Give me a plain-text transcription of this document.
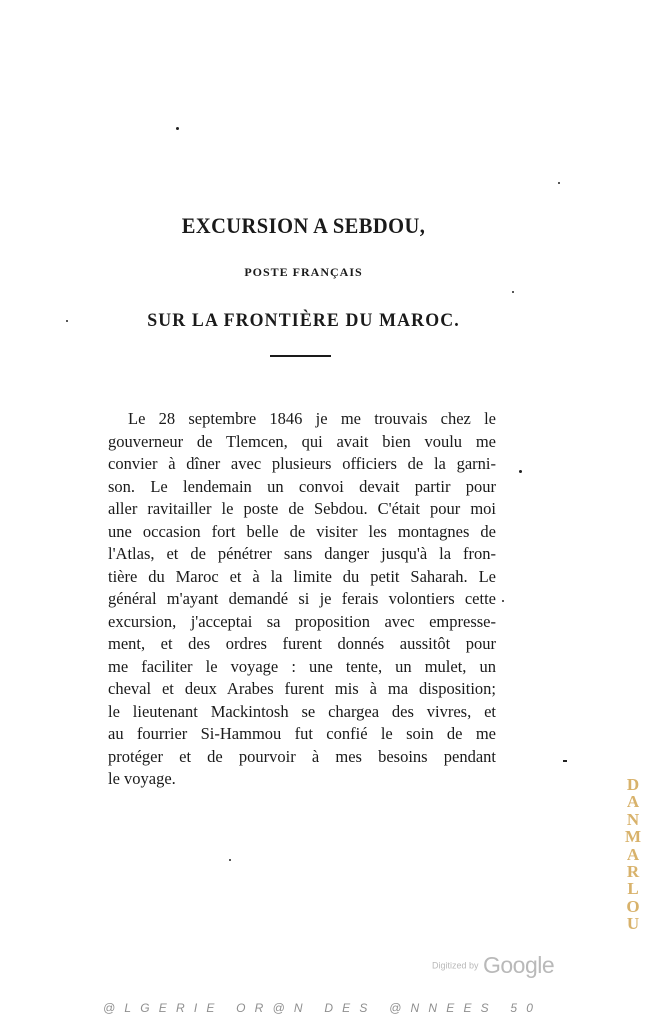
EXCURSION A SEBDOU,
POSTE FRANÇAIS
SUR LA FRONTIÈRE DU MAROC.
Le 28 septembre 1846 je me trouvais chez le
gouverneur de Tlemcen, qui avait bien voulu me
convier à dîner avec plusieurs officiers de la garni-
son. Le lendemain un convoi devait partir pour
aller ravitailler le poste de Sebdou. C'était pour moi
une occasion fort belle de visiter les montagnes de
l'Atlas, et de pénétrer sans danger jusqu'à la fron-
tière du Maroc et à la limite du petit Saharah. Le
général m'ayant demandé si je ferais volontiers cette
excursion, j'acceptai sa proposition avec empresse-
ment, et des ordres furent donnés aussitôt pour
me faciliter le voyage : une tente, un mulet, un
cheval et deux Arabes furent mis à ma disposition;
le lieutenant Mackintosh se chargea des vivres, et
au fourrier Si-Hammou fut confié le soin de me
protéger et de pourvoir à mes besoins pendant
le voyage.	D
A
N
M
A
R
L
O
U
Digitized by Google
@LGERIE OR@N DES @NNEES 50
